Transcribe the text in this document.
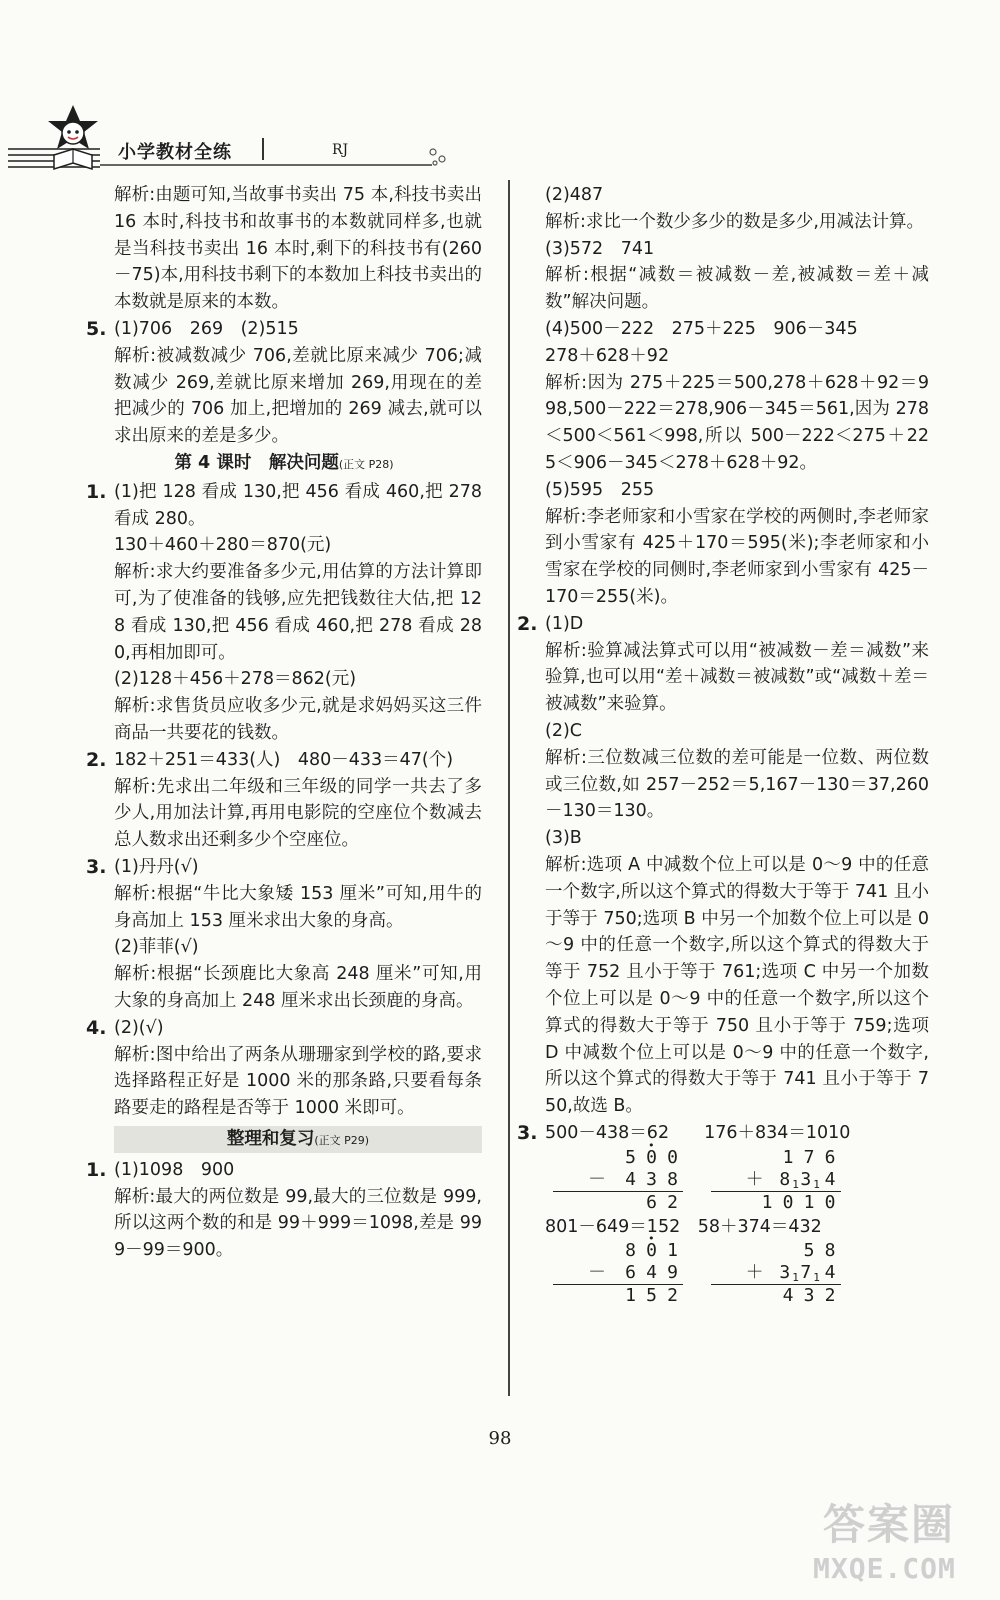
小学教材全练	RJ

解析:由题可知,当故事书卖出 75 本,科技书卖出 16 本时,科技书和故事书的本数就同样多,也就是当科技书卖出 16 本时,剩下的科技书有(260－75)本,用科技书剩下的本数加上科技书卖出的本数就是原来的本数。

5. (1)706　269　(2)515

解析:被减数减少 706,差就比原来减少 706;减数减少 269,差就比原来增加 269,用现在的差把减少的 706 加上,把增加的 269 减去,就可以求出原来的差是多少。

第 4 课时　解决问题(正文 P28)
1. (1)把 128 看成 130,把 456 看成 460,把 278 看成 280。

130＋460＋280＝870(元)

解析:求大约要准备多少元,用估算的方法计算即可,为了使准备的钱够,应先把钱数往大估,把 128 看成 130,把 456 看成 460,把 278 看成 280,再相加即可。

(2)128＋456＋278＝862(元)

解析:求售货员应收多少元,就是求妈妈买这三件商品一共要花的钱数。

2. 182＋251＝433(人)　480－433＝47(个)

解析:先求出二年级和三年级的同学一共去了多少人,用加法计算,再用电影院的空座位个数减去总人数求出还剩多少个空座位。

3. (1)丹丹(√)

解析:根据“牛比大象矮 153 厘米”可知,用牛的身高加上 153 厘米求出大象的身高。

(2)菲菲(√)

解析:根据“长颈鹿比大象高 248 厘米”可知,用大象的身高加上 248 厘米求出长颈鹿的身高。

4. (2)(√)

解析:图中给出了两条从珊珊家到学校的路,要求选择路程正好是 1000 米的那条路,只要看每条路要走的路程是否等于 1000 米即可。

整理和复习(正文 P29)
1. (1)1098　900

解析:最大的两位数是 99,最大的三位数是 999,所以这两个数的和是 99＋999＝1098,差是 999－99＝900。

(2)487

解析:求比一个数少多少的数是多少,用减法计算。

(3)572　741

解析:根据“减数＝被减数－差,被减数＝差＋减数”解决问题。

(4)500－222　275＋225　906－345

278＋628＋92

解析:因为 275＋225＝500,278＋628＋92＝998,500－222＝278,906－345＝561,因为 278＜500＜561＜998,所以 500－222＜275＋225＜906－345＜278＋628＋92。

(5)595　255

解析:李老师家和小雪家在学校的两侧时,李老师家到小雪家有 425＋170＝595(米);李老师家和小雪家在学校的同侧时,李老师家到小雪家有 425－170＝255(米)。

2. (1)D

解析:验算减法算式可以用“被减数－差＝减数”来验算,也可以用“差＋减数＝被减数”或“减数＋差＝被减数”来验算。

(2)C

解析:三位数减三位数的差可能是一位数、两位数或三位数,如 257－252＝5,167－130＝37,260－130＝130。

(3)B

解析:选项 A 中减数个位上可以是 0～9 中的任意一个数字,所以这个算式的得数大于等于 741 且小于等于 750;选项 B 中另一个加数个位上可以是 0～9 中的任意一个数字,所以这个算式的得数大于等于 752 且小于等于 761;选项 C 中另一个加数个位上可以是 0～9 中的任意一个数字,所以这个算式的得数大于等于 750 且小于等于 759;选项 D 中减数个位上可以是 0～9 中的任意一个数字,所以这个算式的得数大于等于 741 且小于等于 750,故选 B。

3. 500－438＝62　　 176＋834＝1010

5 • 0 0
－	4 3 8
6 2

1 7 6
＋ 8 1 3 1 4
1 0 1 0

801－649＝152　 58＋374＝432

8 • 0 1
－	6 4 9
1 5 2

5 8
＋ 3 1 7 1 4
4 3 2
98
答案圈
MXQE.COM
